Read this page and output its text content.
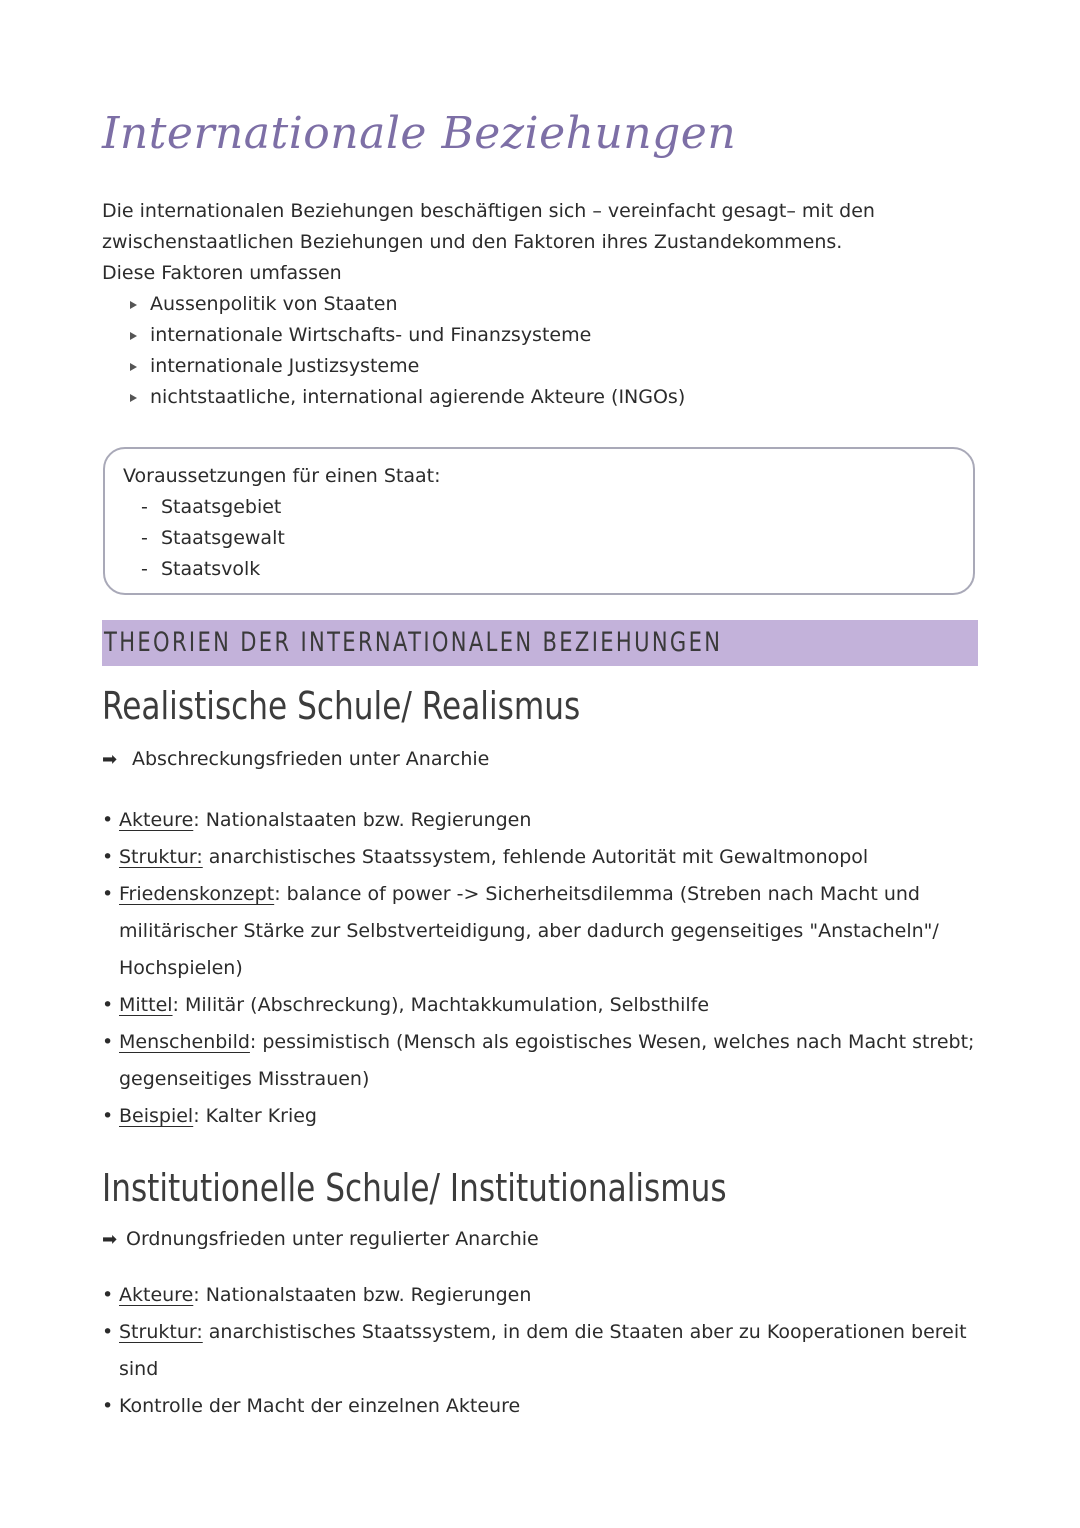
Internationale Beziehungen

Die internationalen Beziehungen beschäftigen sich – vereinfacht gesagt– mit den zwischenstaatlichen Beziehungen und den Faktoren ihres Zustandekommens.

Diese Faktoren umfassen

Aussenpolitik von Staaten
internationale Wirtschafts- und Finanzsysteme
internationale Justizsysteme
nichtstaatliche, international agierende Akteure (INGOs)
Voraussetzungen für einen Staat:
- Staatsgebiet
- Staatsgewalt
- Staatsvolk
THEORIEN DER INTERNATIONALEN BEZIEHUNGEN
Realistische Schule/ Realismus
➡ Abschreckungsfrieden unter Anarchie
• Akteure: Nationalstaaten bzw. Regierungen
• Struktur: anarchistisches Staatssystem, fehlende Autorität mit Gewaltmonopol
• Friedenskonzept: balance of power -> Sicherheitsdilemma (Streben nach Macht und militärischer Stärke zur Selbstverteidigung, aber dadurch gegenseitiges "Anstacheln"/ Hochspielen)
• Mittel: Militär (Abschreckung), Machtakkumulation, Selbsthilfe
• Menschenbild: pessimistisch (Mensch als egoistisches Wesen, welches nach Macht strebt; gegenseitiges Misstrauen)
• Beispiel: Kalter Krieg
Institutionelle Schule/ Institutionalismus
➡ Ordnungsfrieden unter regulierter Anarchie
• Akteure: Nationalstaaten bzw. Regierungen
• Struktur: anarchistisches Staatssystem, in dem die Staaten aber zu Kooperationen bereit sind
• Kontrolle der Macht der einzelnen Akteure
